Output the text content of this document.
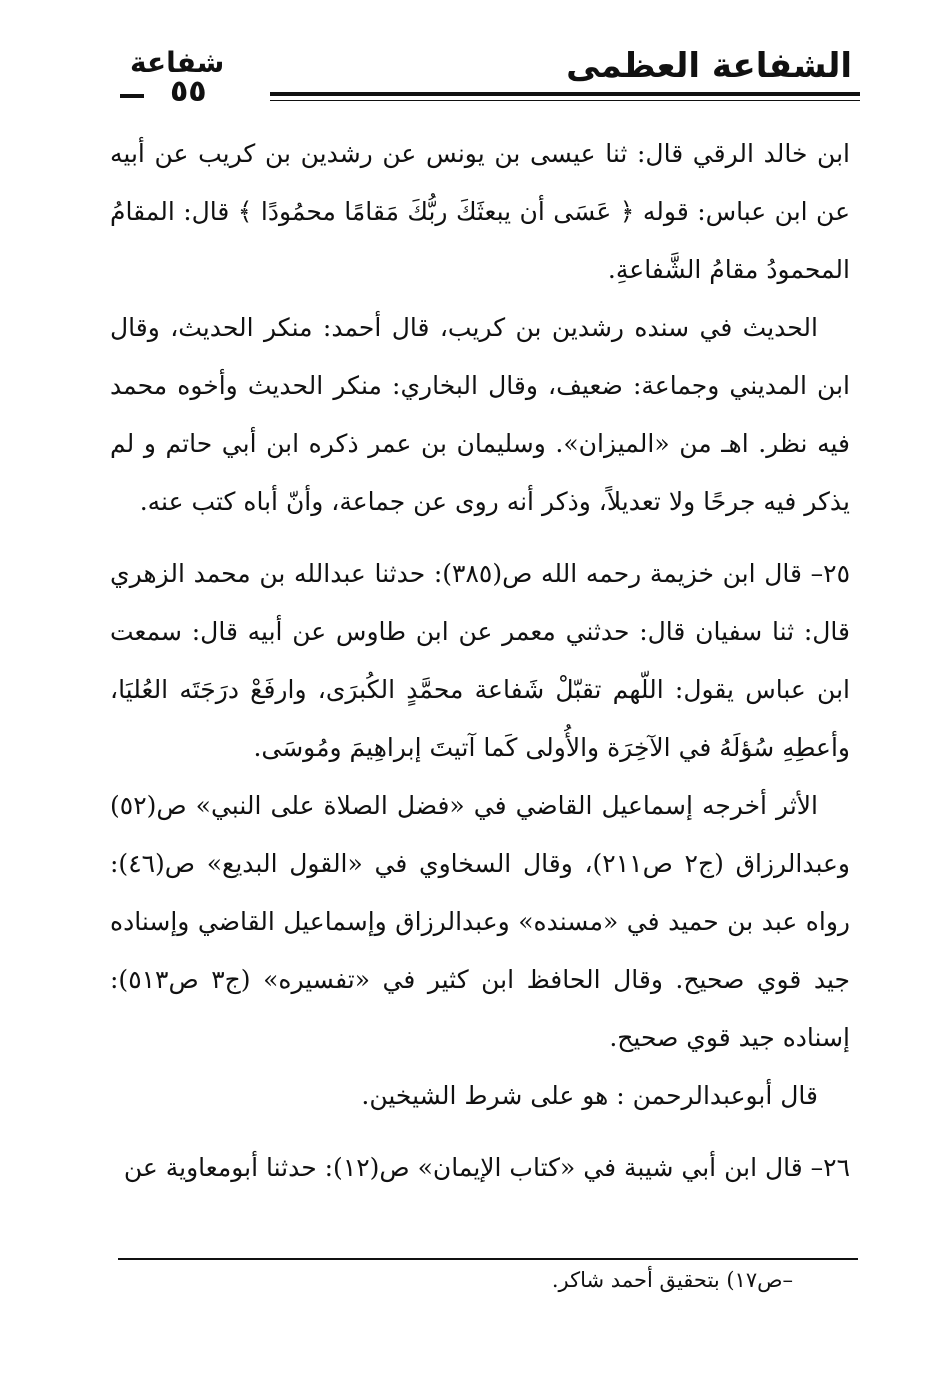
الشفاعة العظمى
شفاعة
٥٥

ابن خالد الرقي قال: ثنا عيسى بن يونس عن رشدين بن كريب عن أبيه عن ابن عباس: قوله ﴿ عَسَى أن يبعثَكَ ربُّكَ مَقامًا محمُودًا ﴾ قال: المقامُ المحمودُ مقامُ الشَّفاعةِ.

الحديث في سنده رشدين بن كريب، قال أحمد: منكر الحديث، وقال ابن المديني وجماعة: ضعيف، وقال البخاري: منكر الحديث وأخوه محمد فيه نظر. اهـ من «الميزان». وسليمان بن عمر ذكره ابن أبي حاتم و لم يذكر فيه جرحًا ولا تعديلاً، وذكر أنه روى عن جماعة، وأنّ أباه كتب عنه.

٢٥– قال ابن خزيمة رحمه الله ص(٣٨٥): حدثنا عبدالله بن محمد الزهري قال: ثنا سفيان قال: حدثني معمر عن ابن طاوس عن أبيه قال: سمعت ابن عباس يقول: اللّهم تقبّلْ شَفاعة محمَّدٍ الكُبرَى، وارفَعْ درَجَتَه العُليَا، وأعطِهِ سُؤلَهُ في الآخِرَة والأُولى كَما آتيتَ إبراهِيمَ ومُوسَى.

الأثر أخرجه إسماعيل القاضي في «فضل الصلاة على النبي» ص(٥٢) وعبدالرزاق (ج٢ ص٢١١)، وقال السخاوي في «القول البديع» ص(٤٦): رواه عبد بن حميد في «مسنده» وعبدالرزاق وإسماعيل القاضي وإسناده جيد قوي صحيح. وقال الحافظ ابن كثير في «تفسيره» (ج٣ ص٥١٣): إسناده جيد قوي صحيح.

قال أبوعبدالرحمن : هو على شرط الشيخين.

٢٦– قال ابن أبي شيبة في «كتاب الإيمان» ص(١٢): حدثنا أبومعاوية عن

–ص١٧) بتحقيق أحمد شاكر.
